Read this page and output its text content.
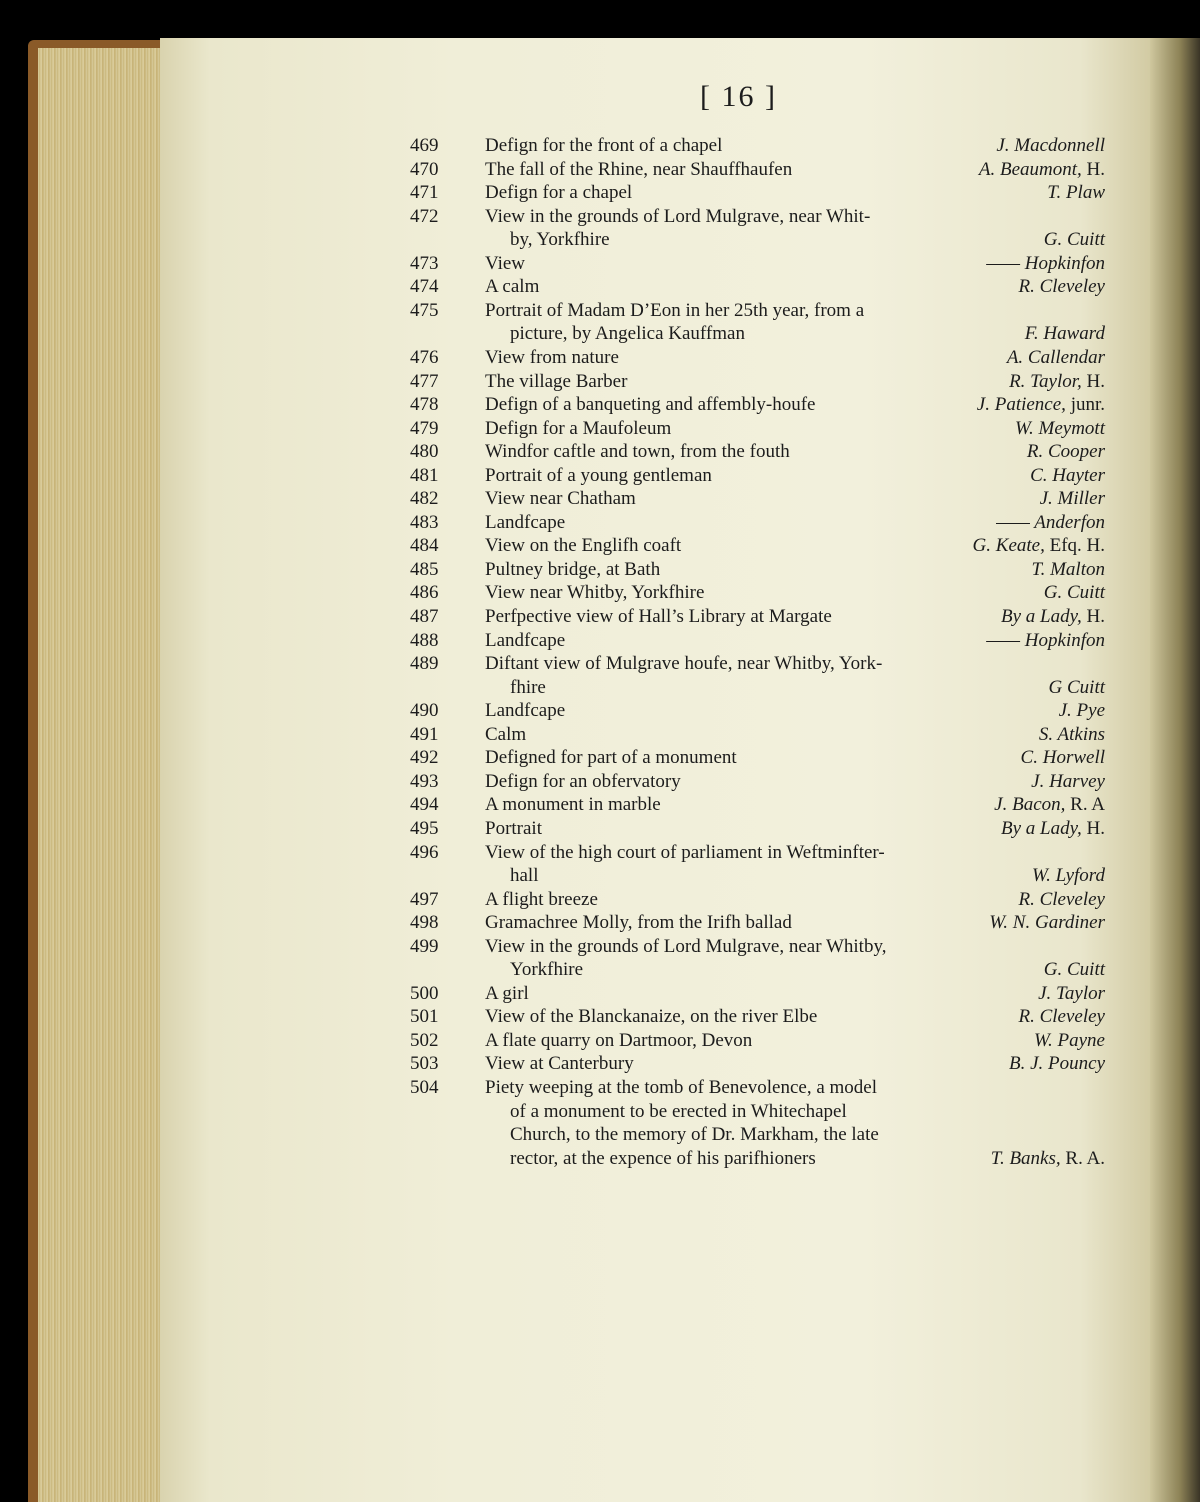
[ 16 ]
469	Defign for the front of a chapel	J. Macdonnell
470	The fall of the Rhine, near Shauffhaufen	A. Beaumont, H.
471	Defign for a chapel	T. Plaw
472	View in the grounds of Lord Mulgrave, near Whit-
by, Yorkfhire	G. Cuitt
473	View	—— Hopkinfon
474	A calm	R. Cleveley
475	Portrait of Madam D’Eon in her 25th year, from a
picture, by Angelica Kauffman	F. Haward
476	View from nature	A. Callendar
477	The village Barber	R. Taylor, H.
478	Defign of a banqueting and affembly-houfe	J. Patience, junr.
479	Defign for a Maufoleum	W. Meymott
480	Windfor caftle and town, from the fouth	R. Cooper
481	Portrait of a young gentleman	C. Hayter
482	View near Chatham	J. Miller
483	Landfcape	—— Anderfon
484	View on the Englifh coaft	G. Keate, Efq. H.
485	Pultney bridge, at Bath	T. Malton
486	View near Whitby, Yorkfhire	G. Cuitt
487	Perfpective view of Hall’s Library at Margate	By a Lady, H.
488	Landfcape	—— Hopkinfon
489	Diftant view of Mulgrave houfe, near Whitby, York-
fhire	G Cuitt
490	Landfcape	J. Pye
491	Calm	S. Atkins
492	Defigned for part of a monument	C. Horwell
493	Defign for an obfervatory	J. Harvey
494	A monument in marble	J. Bacon, R. A
495	Portrait	By a Lady, H.
496	View of the high court of parliament in Weftminfter-
hall	W. Lyford
497	A flight breeze	R. Cleveley
498	Gramachree Molly, from the Irifh ballad	W. N. Gardiner
499	View in the grounds of Lord Mulgrave, near Whitby,
Yorkfhire	G. Cuitt
500	A girl	J. Taylor
501	View of the Blanckanaize, on the river Elbe	R. Cleveley
502	A flate quarry on Dartmoor, Devon	W. Payne
503	View at Canterbury	B. J. Pouncy
504	Piety weeping at the tomb of Benevolence, a model
of a monument to be erected in Whitechapel
Church, to the memory of Dr. Markham, the late
rector, at the expence of his parifhioners	T. Banks, R. A.
